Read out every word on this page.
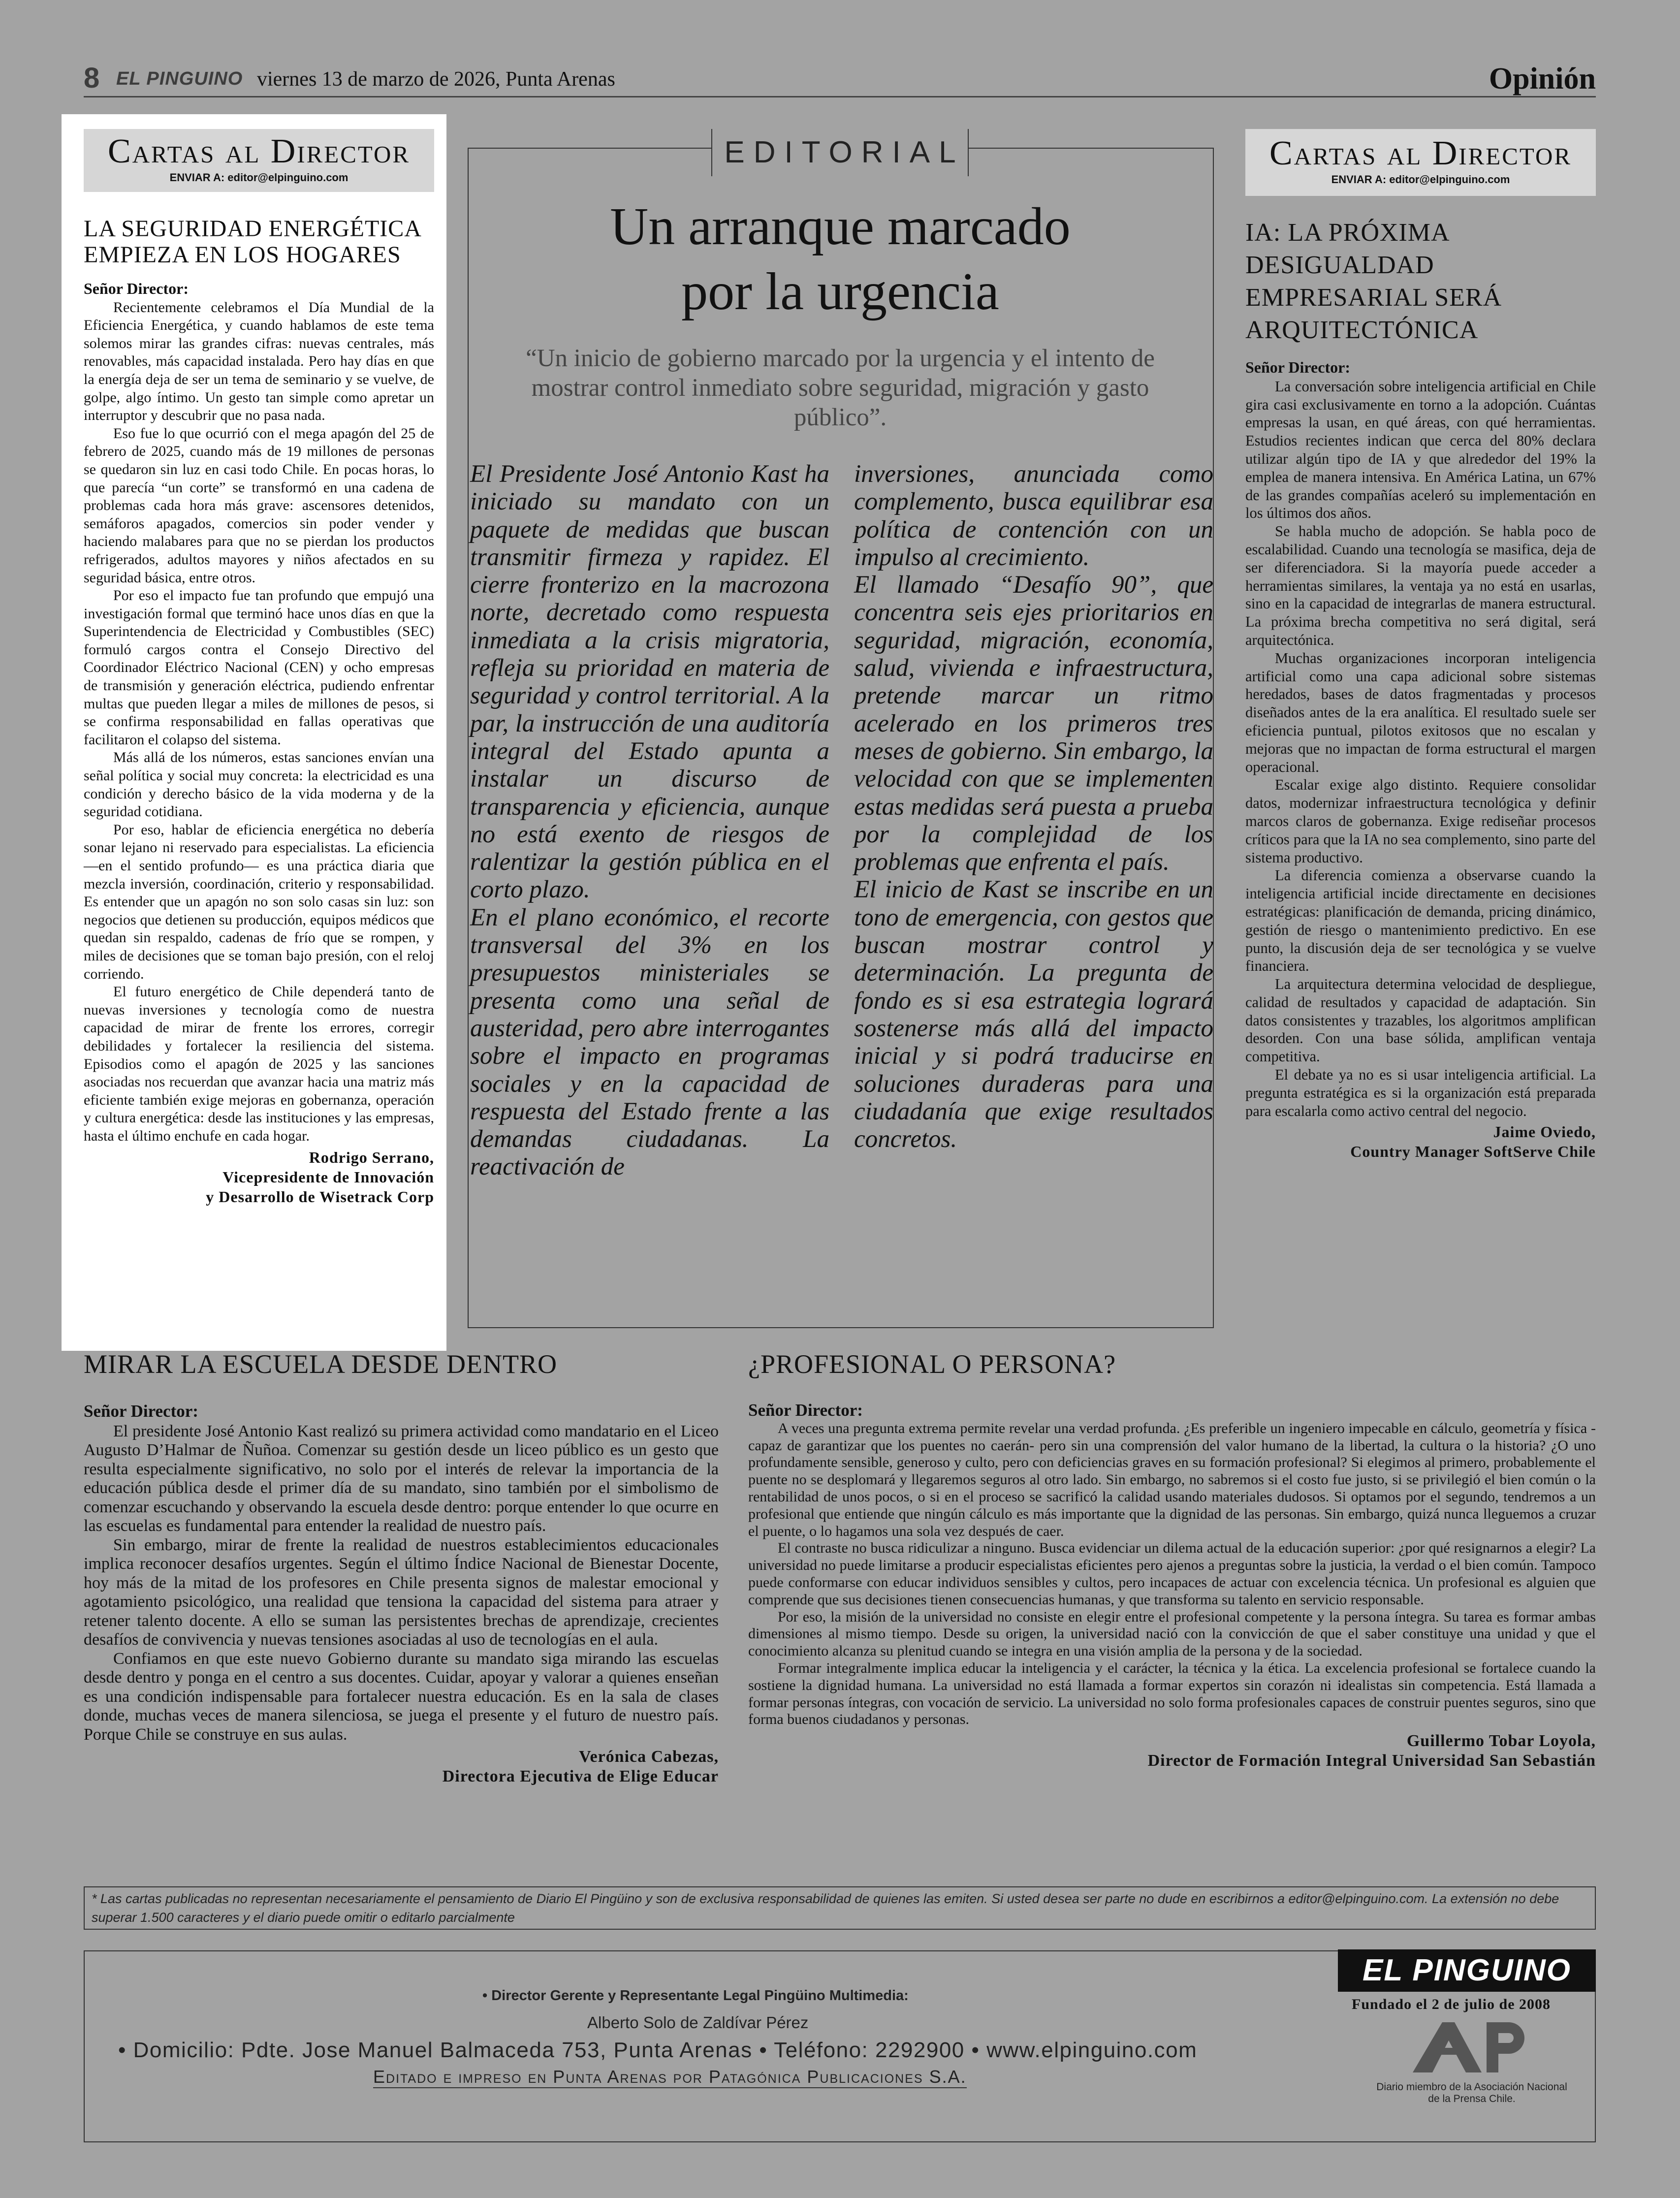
8 EL PINGUINO viernes 13 de marzo de 2026, Punta Arenas	Opinión
Cartas al Director
ENVIAR A: editor@elpinguino.com
LA SEGURIDAD ENERGÉTICA EMPIEZA EN LOS HOGARES
Señor Director:

Recientemente celebramos el Día Mundial de la Eficiencia Energética, y cuando hablamos de este tema solemos mirar las grandes cifras: nuevas centrales, más renovables, más capacidad instalada. Pero hay días en que la energía deja de ser un tema de seminario y se vuelve, de golpe, algo íntimo. Un gesto tan simple como apretar un interruptor y descubrir que no pasa nada.

Eso fue lo que ocurrió con el mega apagón del 25 de febrero de 2025, cuando más de 19 millones de personas se quedaron sin luz en casi todo Chile. En pocas horas, lo que parecía “un corte” se transformó en una cadena de problemas cada hora más grave: ascensores detenidos, semáforos apagados, comercios sin poder vender y haciendo malabares para que no se pierdan los productos refrigerados, adultos mayores y niños afectados en su seguridad básica, entre otros.

Por eso el impacto fue tan profundo que empujó una investigación formal que terminó hace unos días en que la Superintendencia de Electricidad y Combustibles (SEC) formuló cargos contra el Consejo Directivo del Coordinador Eléctrico Nacional (CEN) y ocho empresas de transmisión y generación eléctrica, pudiendo enfrentar multas que pueden llegar a miles de millones de pesos, si se confirma responsabilidad en fallas operativas que facilitaron el colapso del sistema.

Más allá de los números, estas sanciones envían una señal política y social muy concreta: la electricidad es una condición y derecho básico de la vida moderna y de la seguridad cotidiana.

Por eso, hablar de eficiencia energética no debería sonar lejano ni reservado para especialistas. La eficiencia —en el sentido profundo— es una práctica diaria que mezcla inversión, coordinación, criterio y responsabilidad. Es entender que un apagón no son solo casas sin luz: son negocios que detienen su producción, equipos médicos que quedan sin respaldo, cadenas de frío que se rompen, y miles de decisiones que se toman bajo presión, con el reloj corriendo.

El futuro energético de Chile dependerá tanto de nuevas inversiones y tecnología como de nuestra capacidad de mirar de frente los errores, corregir debilidades y fortalecer la resiliencia del sistema. Episodios como el apagón de 2025 y las sanciones asociadas nos recuerdan que avanzar hacia una matriz más eficiente también exige mejoras en gobernanza, operación y cultura energética: desde las instituciones y las empresas, hasta el último enchufe en cada hogar.

Rodrigo Serrano,
Vicepresidente de Innovación
y Desarrollo de Wisetrack Corp
EDITORIAL
Un arranque marcado
por la urgencia
“Un inicio de gobierno marcado por la urgencia y el intento de mostrar control inmediato sobre seguridad, migración y gasto público”.

El Presidente José Antonio Kast ha iniciado su mandato con un paquete de medidas que buscan transmitir firmeza y rapidez. El cierre fronterizo en la macrozona norte, decretado como respuesta inmediata a la crisis migratoria, refleja su prioridad en materia de seguridad y control territorial. A la par, la instrucción de una auditoría integral del Estado apunta a instalar un discurso de transparencia y eficiencia, aunque no está exento de riesgos de ralentizar la gestión pública en el corto plazo.

En el plano económico, el recorte transversal del 3% en los presupuestos ministeriales se presenta como una señal de austeridad, pero abre interrogantes sobre el impacto en programas sociales y en la capacidad de respuesta del Estado frente a las demandas ciudadanas. La reactivación de

inversiones, anunciada como complemento, busca equilibrar esa política de contención con un impulso al crecimiento.

El llamado “Desafío 90”, que concentra seis ejes prioritarios en seguridad, migración, economía, salud, vivienda e infraestructura, pretende marcar un ritmo acelerado en los primeros tres meses de gobierno. Sin embargo, la velocidad con que se implementen estas medidas será puesta a prueba por la complejidad de los problemas que enfrenta el país.

El inicio de Kast se inscribe en un tono de emergencia, con gestos que buscan mostrar control y determinación. La pregunta de fondo es si esa estrategia logrará sostenerse más allá del impacto inicial y si podrá traducirse en soluciones duraderas para una ciudadanía que exige resultados concretos.

Cartas al Director
ENVIAR A: editor@elpinguino.com
IA: LA PRÓXIMA DESIGUALDAD EMPRESARIAL SERÁ ARQUITECTÓNICA
Señor Director:

La conversación sobre inteligencia artificial en Chile gira casi exclusivamente en torno a la adopción. Cuántas empresas la usan, en qué áreas, con qué herramientas. Estudios recientes indican que cerca del 80% declara utilizar algún tipo de IA y que alrededor del 19% la emplea de manera intensiva. En América Latina, un 67% de las grandes compañías aceleró su implementación en los últimos dos años.

Se habla mucho de adopción. Se habla poco de escalabilidad. Cuando una tecnología se masifica, deja de ser diferenciadora. Si la mayoría puede acceder a herramientas similares, la ventaja ya no está en usarlas, sino en la capacidad de integrarlas de manera estructural. La próxima brecha competitiva no será digital, será arquitectónica.

Muchas organizaciones incorporan inteligencia artificial como una capa adicional sobre sistemas heredados, bases de datos fragmentadas y procesos diseñados antes de la era analítica. El resultado suele ser eficiencia puntual, pilotos exitosos que no escalan y mejoras que no impactan de forma estructural el margen operacional.

Escalar exige algo distinto. Requiere consolidar datos, modernizar infraestructura tecnológica y definir marcos claros de gobernanza. Exige rediseñar procesos críticos para que la IA no sea complemento, sino parte del sistema productivo.

La diferencia comienza a observarse cuando la inteligencia artificial incide directamente en decisiones estratégicas: planificación de demanda, pricing dinámico, gestión de riesgo o mantenimiento predictivo. En ese punto, la discusión deja de ser tecnológica y se vuelve financiera.

La arquitectura determina velocidad de despliegue, calidad de resultados y capacidad de adaptación. Sin datos consistentes y trazables, los algoritmos amplifican desorden. Con una base sólida, amplifican ventaja competitiva.

El debate ya no es si usar inteligencia artificial. La pregunta estratégica es si la organización está preparada para escalarla como activo central del negocio.

Jaime Oviedo,
Country Manager SoftServe Chile
MIRAR LA ESCUELA DESDE DENTRO
Señor Director:

El presidente José Antonio Kast realizó su primera actividad como mandatario en el Liceo Augusto D’Halmar de Ñuñoa. Comenzar su gestión desde un liceo público es un gesto que resulta especialmente significativo, no solo por el interés de relevar la importancia de la educación pública desde el primer día de su mandato, sino también por el simbolismo de comenzar escuchando y observando la escuela desde dentro: porque entender lo que ocurre en las escuelas es fundamental para entender la realidad de nuestro país.

Sin embargo, mirar de frente la realidad de nuestros establecimientos educacionales implica reconocer desafíos urgentes. Según el último Índice Nacional de Bienestar Docente, hoy más de la mitad de los profesores en Chile presenta signos de malestar emocional y agotamiento psicológico, una realidad que tensiona la capacidad del sistema para atraer y retener talento docente. A ello se suman las persistentes brechas de aprendizaje, crecientes desafíos de convivencia y nuevas tensiones asociadas al uso de tecnologías en el aula.

Confiamos en que este nuevo Gobierno durante su mandato siga mirando las escuelas desde dentro y ponga en el centro a sus docentes. Cuidar, apoyar y valorar a quienes enseñan es una condición indispensable para fortalecer nuestra educación. Es en la sala de clases donde, muchas veces de manera silenciosa, se juega el presente y el futuro de nuestro país. Porque Chile se construye en sus aulas.

Verónica Cabezas,
Directora Ejecutiva de Elige Educar
¿PROFESIONAL O PERSONA?
Señor Director:

A veces una pregunta extrema permite revelar una verdad profunda. ¿Es preferible un ingeniero impecable en cálculo, geometría y física -capaz de garantizar que los puentes no caerán- pero sin una comprensión del valor humano de la libertad, la cultura o la historia? ¿O uno profundamente sensible, generoso y culto, pero con deficiencias graves en su formación profesional? Si elegimos al primero, probablemente el puente no se desplomará y llegaremos seguros al otro lado. Sin embargo, no sabremos si el costo fue justo, si se privilegió el bien común o la rentabilidad de unos pocos, o si en el proceso se sacrificó la calidad usando materiales dudosos. Si optamos por el segundo, tendremos a un profesional que entiende que ningún cálculo es más importante que la dignidad de las personas. Sin embargo, quizá nunca lleguemos a cruzar el puente, o lo hagamos una sola vez después de caer.

El contraste no busca ridiculizar a ninguno. Busca evidenciar un dilema actual de la educación superior: ¿por qué resignarnos a elegir? La universidad no puede limitarse a producir especialistas eficientes pero ajenos a preguntas sobre la justicia, la verdad o el bien común. Tampoco puede conformarse con educar individuos sensibles y cultos, pero incapaces de actuar con excelencia técnica. Un profesional es alguien que comprende que sus decisiones tienen consecuencias humanas, y que transforma su talento en servicio responsable.

Por eso, la misión de la universidad no consiste en elegir entre el profesional competente y la persona íntegra. Su tarea es formar ambas dimensiones al mismo tiempo. Desde su origen, la universidad nació con la convicción de que el saber constituye una unidad y que el conocimiento alcanza su plenitud cuando se integra en una visión amplia de la persona y de la sociedad.

Formar integralmente implica educar la inteligencia y el carácter, la técnica y la ética. La excelencia profesional se fortalece cuando la sostiene la dignidad humana. La universidad no está llamada a formar expertos sin corazón ni idealistas sin competencia. Está llamada a formar personas íntegras, con vocación de servicio. La universidad no solo forma profesionales capaces de construir puentes seguros, sino que forma buenos ciudadanos y personas.

Guillermo Tobar Loyola,
Director de Formación Integral Universidad San Sebastián
* Las cartas publicadas no representan necesariamente el pensamiento de Diario El Pingüino y son de exclusiva responsabilidad de quienes las emiten. Si usted desea ser parte no dude en escribirnos a editor@elpinguino.com. La extensión no debe superar 1.500 caracteres y el diario puede omitir o editarlo parcialmente
• Director Gerente y Representante Legal Pingüino Multimedia:
Alberto Solo de Zaldívar Pérez
• Domicilio: Pdte. Jose Manuel Balmaceda 753, Punta Arenas • Teléfono: 2292900 • www.elpinguino.com
Editado e impreso en Punta Arenas por Patagónica Publicaciones S.A.
EL PINGUINO
Fundado el 2 de julio de 2008
Diario miembro de la Asociación Nacional de la Prensa Chile.
